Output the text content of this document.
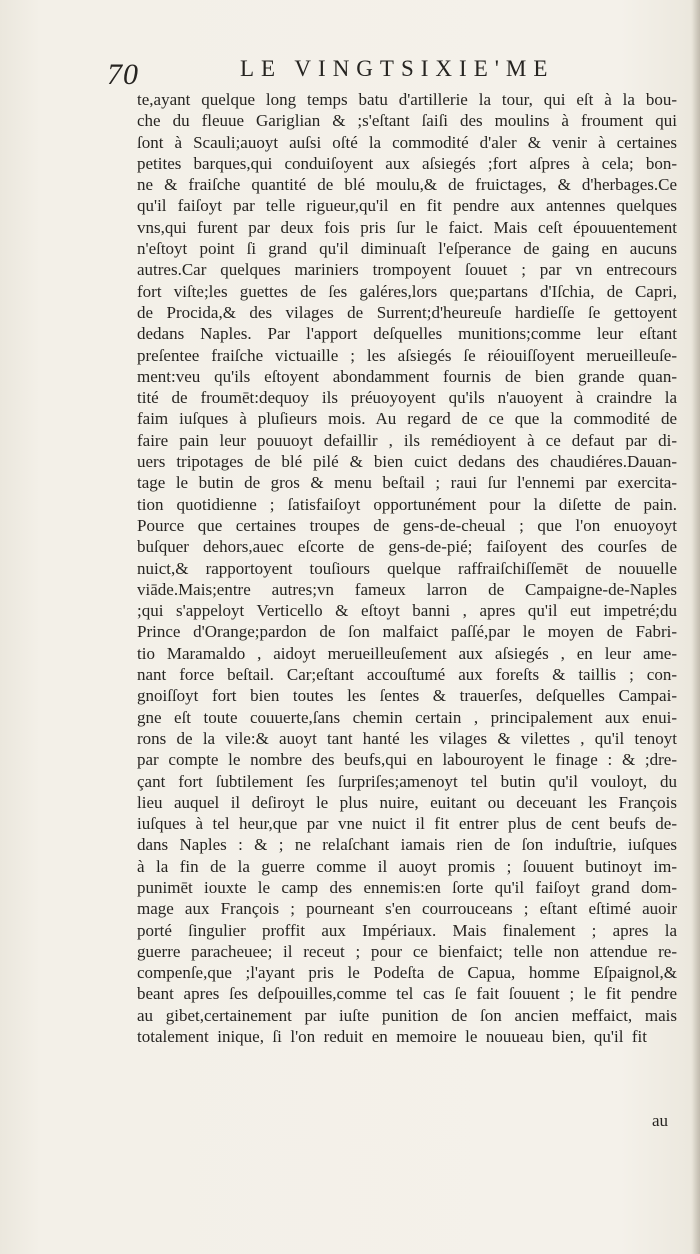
70	LE VINGTSIXIE'ME
te,ayant quelque long temps batu d'artillerie la tour, qui eſt à la bou-
che du fleuue Gariglian & ;s'eſtant ſaiſi des moulins à froument qui
ſont à Scauli;auoyt auſsi oſté la commodité d'aler & venir à certaines
petites barques,qui conduiſoyent aux aſsiegés ;fort aſpres à cela; bon-
ne & fraiſche quantité de blé moulu,& de fruictages, & d'herbages.Ce
qu'il faiſoyt par telle rigueur,qu'il en fit pendre aux antennes quelques
vns,qui furent par deux fois pris ſur le faict. Mais ceſt épouuentement
n'eſtoyt point ſi grand qu'il diminuaſt l'eſperance de gaing en aucuns
autres.Car quelques mariniers trompoyent ſouuet ; par vn entrecours
fort viſte;les guettes de ſes galéres,lors que;partans d'Iſchia, de Capri,
de Procida,& des vilages de Surrent;d'heureuſe hardieſſe ſe gettoyent
dedans Naples. Par l'apport deſquelles munitions;comme leur eſtant
preſentee fraiſche victuaille ; les aſsiegés ſe réiouiſſoyent merueilleuſe-
ment:veu qu'ils eſtoyent abondamment fournis de bien grande quan-
tité de froumēt:dequoy ils préuoyoyent qu'ils n'auoyent à craindre la
faim iuſques à pluſieurs mois. Au regard de ce que la commodité de
faire pain leur pouuoyt defaillir , ils remédioyent à ce defaut par di-
uers tripotages de blé pilé & bien cuict dedans des chaudiéres.Dauan-
tage le butin de gros & menu beſtail ; raui ſur l'ennemi par exercita-
tion quotidienne ; ſatisfaiſoyt opportunément pour la diſette de pain.
Pource que certaines troupes de gens-de-cheual ; que l'on enuoyoyt
buſquer dehors,auec eſcorte de gens-de-pié; faiſoyent des courſes de
nuict,& rapportoyent touſiours quelque raffraiſchiſſemēt de nouuelle
viāde.Mais;entre autres;vn fameux larron de Campaigne-de-Naples
;qui s'appeloyt Verticello & eſtoyt banni , apres qu'il eut impetré;du
Prince d'Orange;pardon de ſon malfaict paſſé,par le moyen de Fabri-
tio Maramaldo , aidoyt merueilleuſement aux aſsiegés , en leur ame-
nant force beſtail. Car;eſtant accouſtumé aux foreſts & taillis ; con-
gnoiſſoyt fort bien toutes les ſentes & trauerſes, deſquelles Campai-
gne eſt toute couuerte,ſans chemin certain , principalement aux enui-
rons de la vile:& auoyt tant hanté les vilages & vilettes , qu'il tenoyt
par compte le nombre des beufs,qui en labouroyent le finage : & ;dre-
çant fort ſubtilement ſes ſurpriſes;amenoyt tel butin qu'il vouloyt, du
lieu auquel il deſiroyt le plus nuire, euitant ou deceuant les François
iuſques à tel heur,que par vne nuict il fit entrer plus de cent beufs de-
dans Naples : & ; ne relaſchant iamais rien de ſon induſtrie, iuſques
à la fin de la guerre comme il auoyt promis ; ſouuent butinoyt im-
punimēt iouxte le camp des ennemis:en ſorte qu'il faiſoyt grand dom-
mage aux François ; pourneant s'en courrouceans ; eſtant eſtimé auoir
porté ſingulier proffit aux Impériaux. Mais finalement ; apres la
guerre paracheuee; il receut ; pour ce bienfaict; telle non attendue re-
compenſe,que ;l'ayant pris le Podeſta de Capua, homme Eſpaignol,&
beant apres ſes deſpouilles,comme tel cas ſe fait ſouuent ; le fit pendre
au gibet,certainement par iuſte punition de ſon ancien meffaict, mais
totalement inique, ſi l'on reduit en memoire le nouueau bien, qu'il fit
au
